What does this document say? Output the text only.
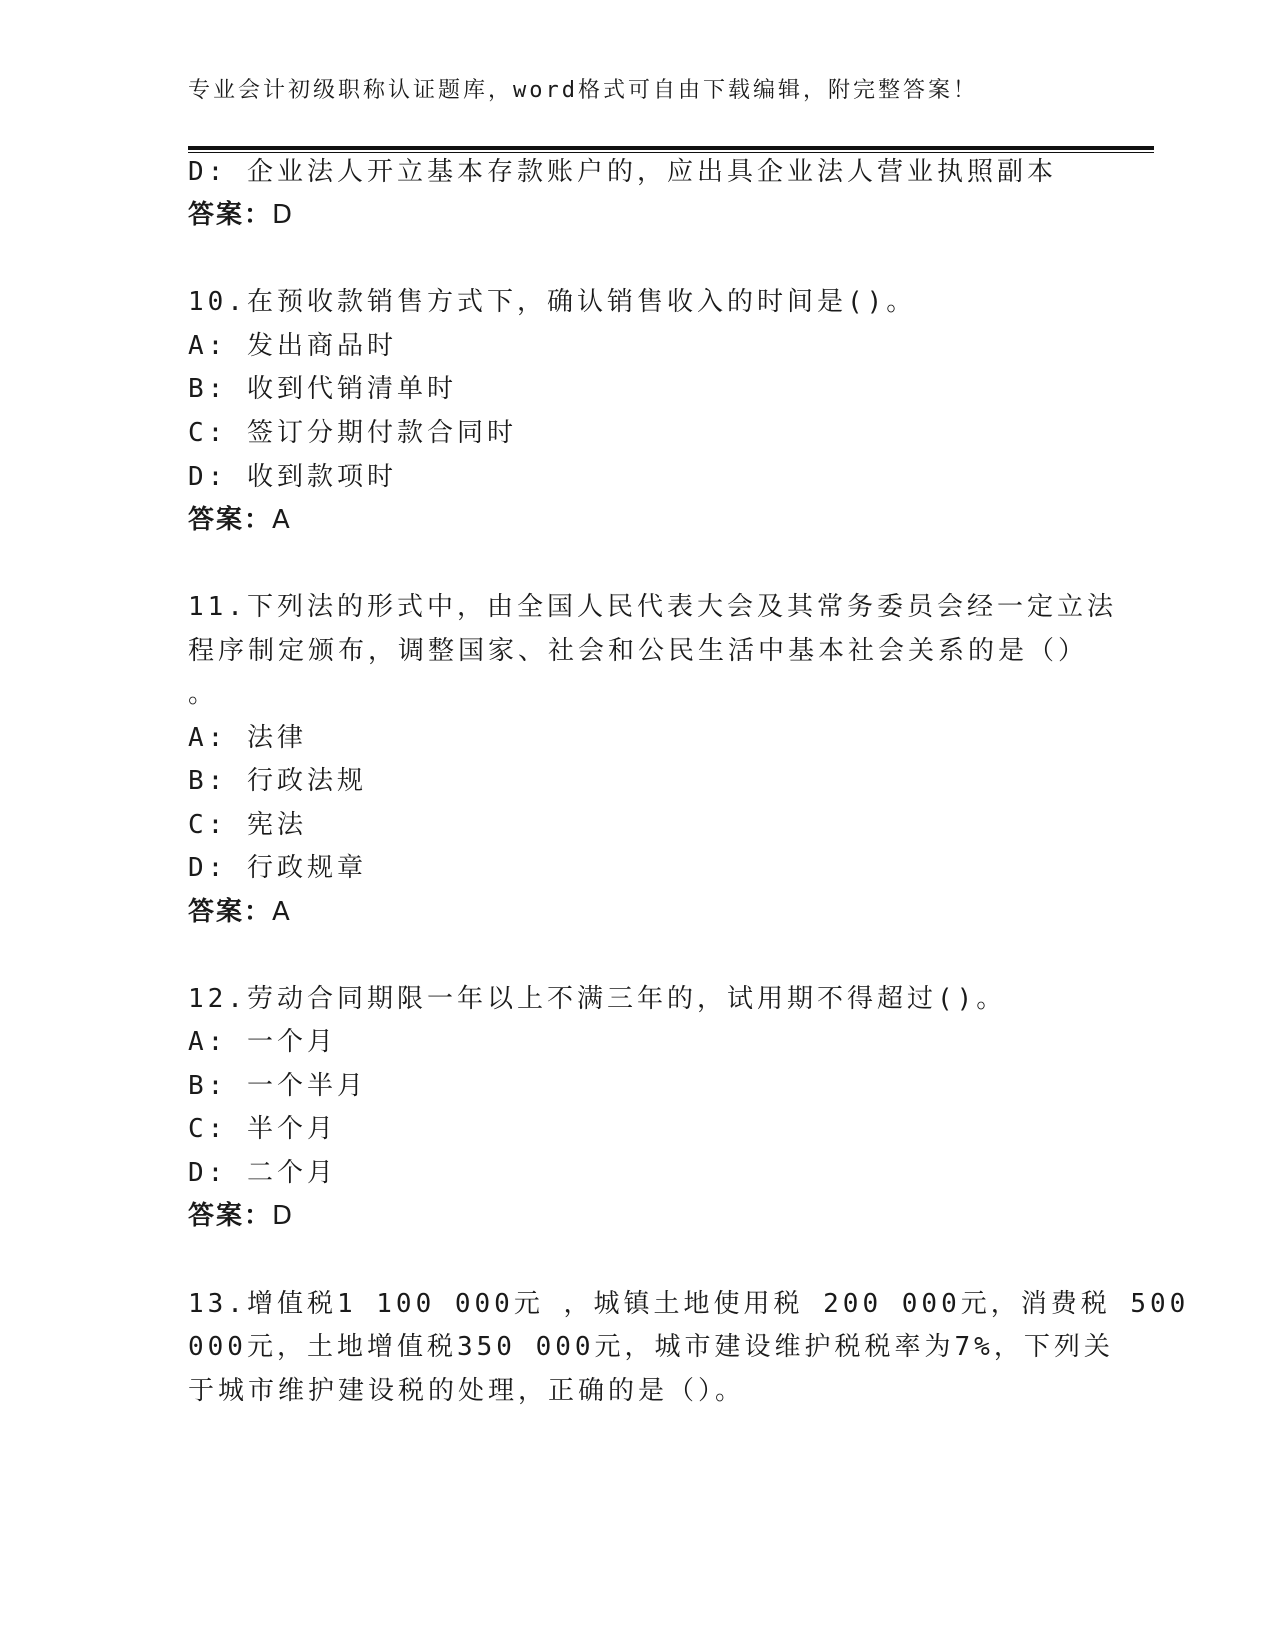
专业会计初级职称认证题库，word格式可自由下载编辑，附完整答案！
D: 企业法人开立基本存款账户的，应出具企业法人营业执照副本
答案：D
10.在预收款销售方式下，确认销售收入的时间是()。
A: 发出商品时
B: 收到代销清单时
C: 签订分期付款合同时
D: 收到款项时
答案：A
11.下列法的形式中，由全国人民代表大会及其常务委员会经一定立法
程序制定颁布，调整国家、社会和公民生活中基本社会关系的是（）
。
A: 法律
B: 行政法规
C: 宪法
D: 行政规章
答案：A
12.劳动合同期限一年以上不满三年的，试用期不得超过()。
A: 一个月
B: 一个半月
C: 半个月
D: 二个月
答案：D
13.增值税1 100 000元 ，城镇土地使用税 200 000元，消费税 500
000元，土地增值税350 000元，城市建设维护税税率为7%，下列关
于城市维护建设税的处理，正确的是（）。
